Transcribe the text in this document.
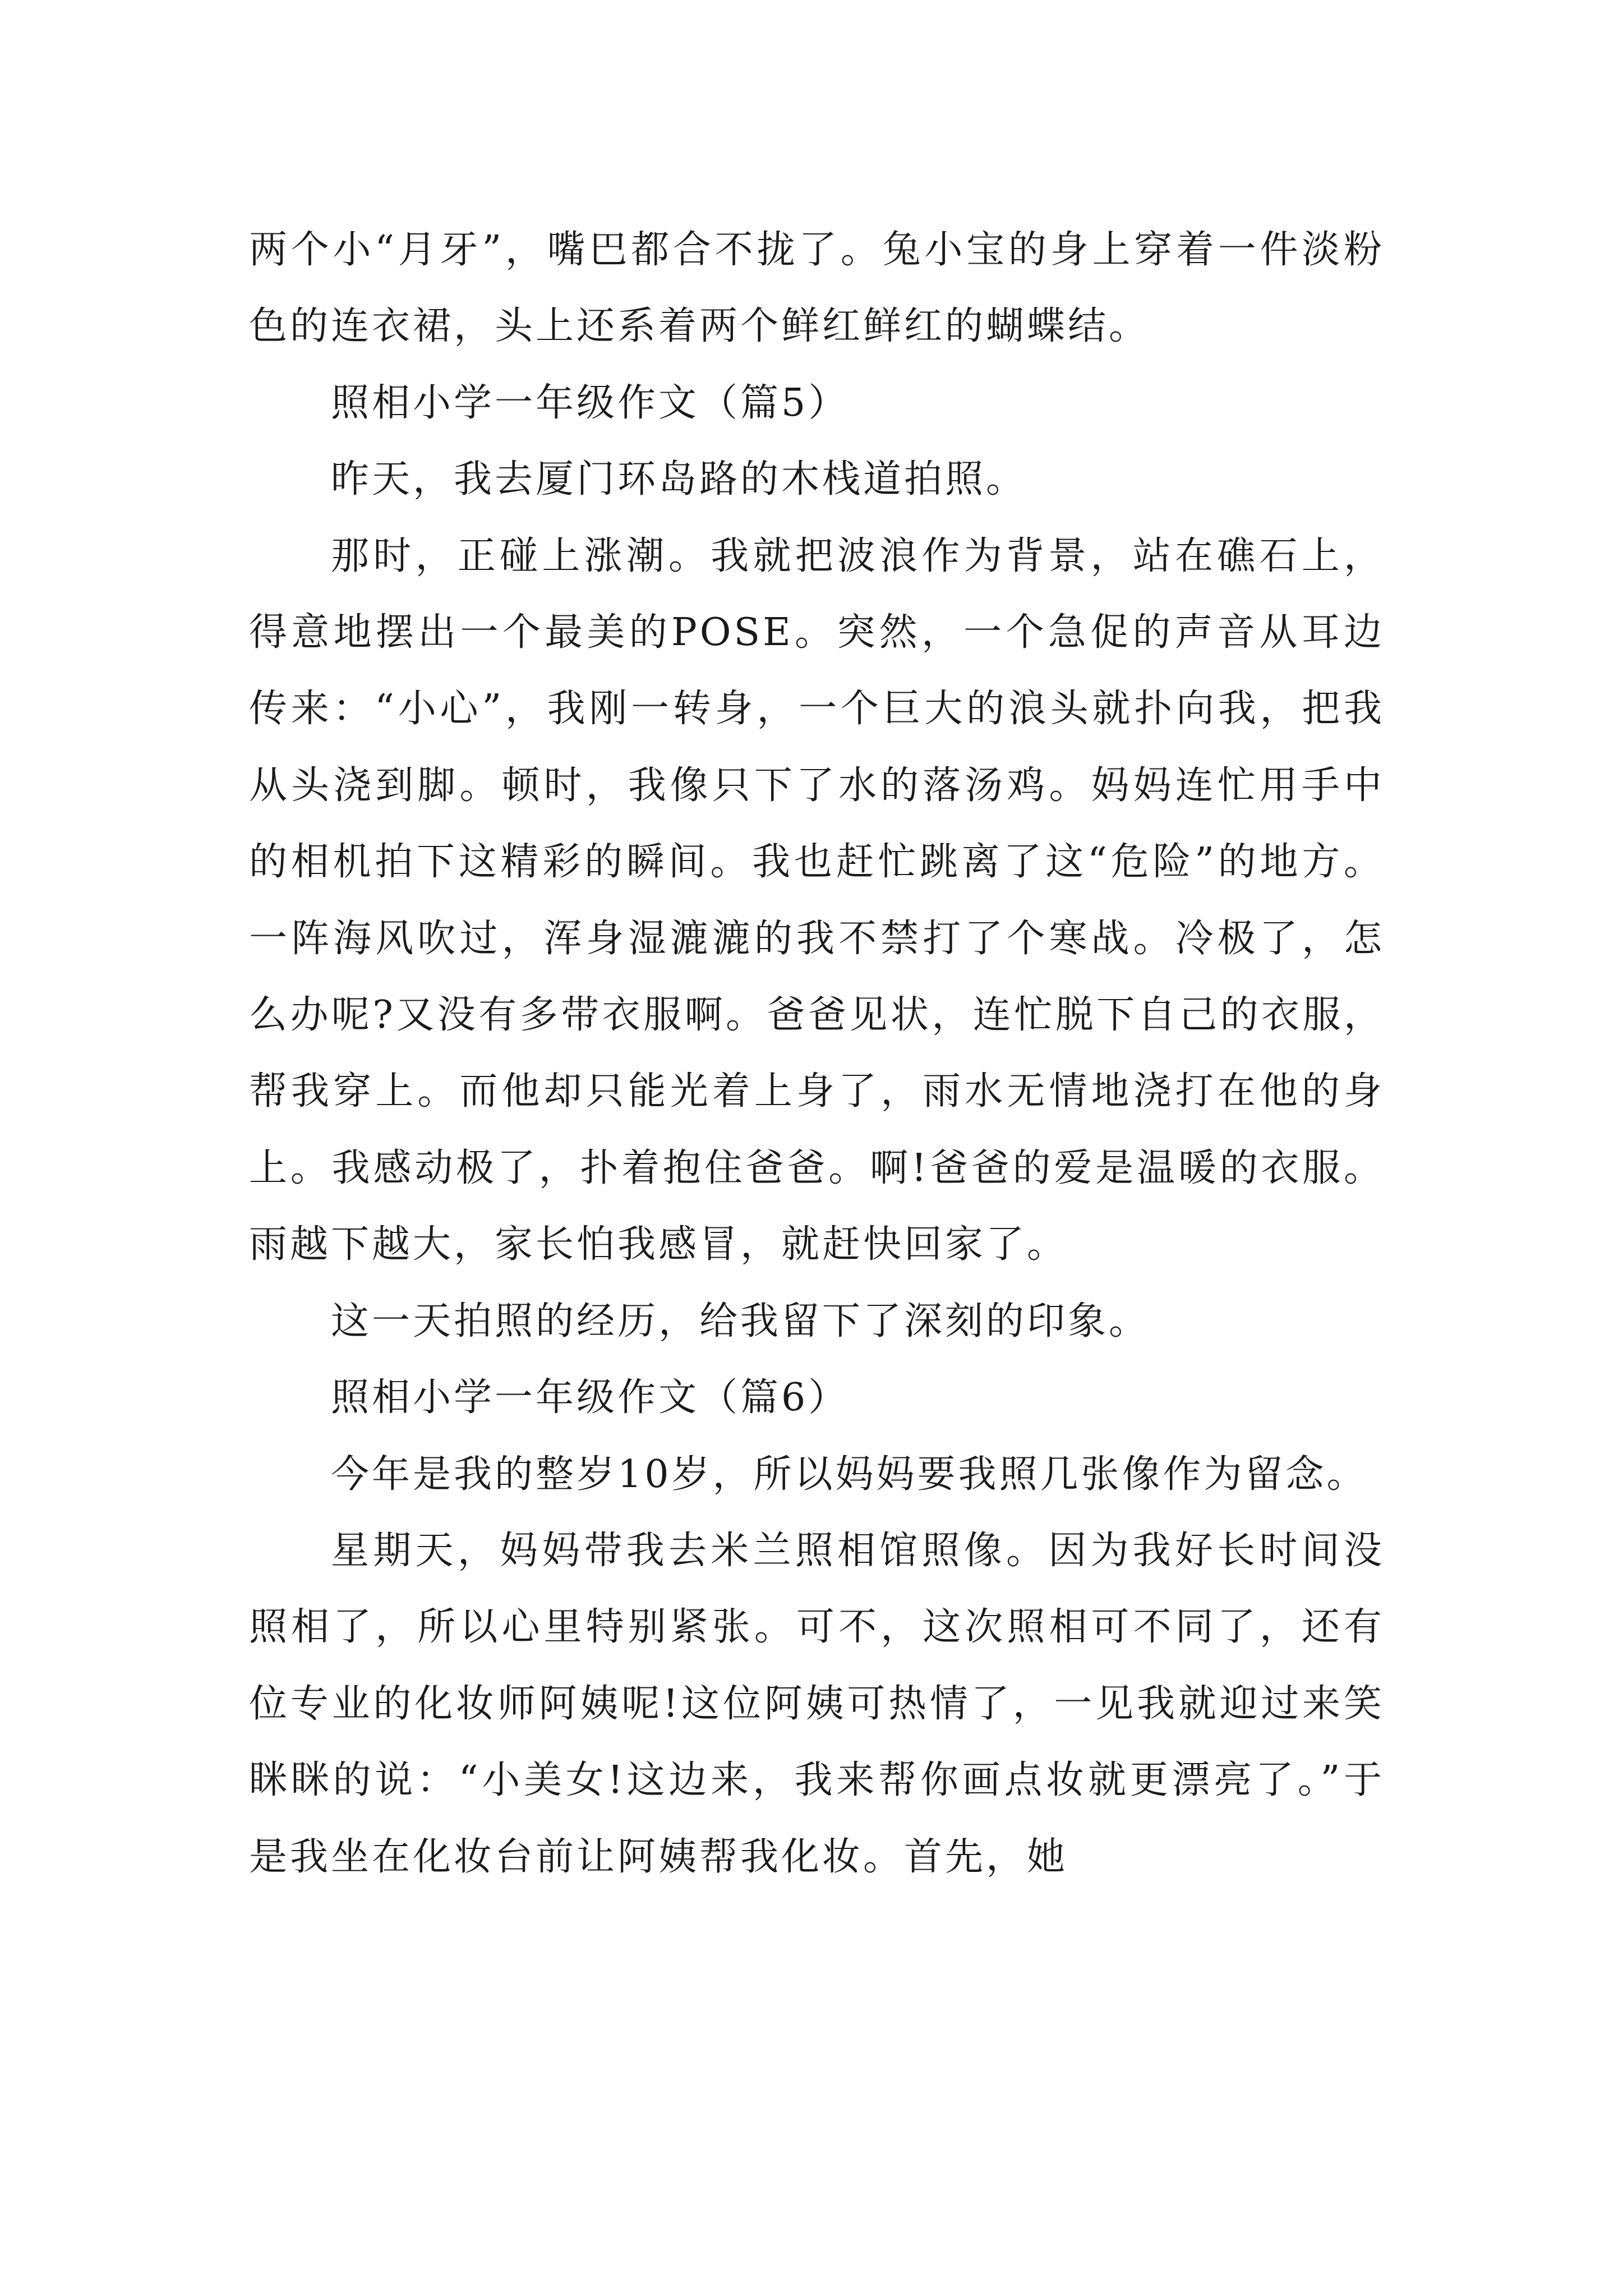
两个小“月牙”，嘴巴都合不拢了。兔小宝的身上穿着一件淡粉色的连衣裙，头上还系着两个鲜红鲜红的蝴蝶结。

照相小学一年级作文（篇5）

昨天，我去厦门环岛路的木栈道拍照。

那时，正碰上涨潮。我就把波浪作为背景，站在礁石上，得意地摆出一个最美的POSE。突然，一个急促的声音从耳边传来：“小心”，我刚一转身，一个巨大的浪头就扑向我，把我从头浇到脚。顿时，我像只下了水的落汤鸡。妈妈连忙用手中的相机拍下这精彩的瞬间。我也赶忙跳离了这“危险”的地方。一阵海风吹过，浑身湿漉漉的我不禁打了个寒战。冷极了，怎么办呢?又没有多带衣服啊。爸爸见状，连忙脱下自己的衣服，帮我穿上。而他却只能光着上身了，雨水无情地浇打在他的身上。我感动极了，扑着抱住爸爸。啊!爸爸的爱是温暖的衣服。雨越下越大，家长怕我感冒，就赶快回家了。

这一天拍照的经历，给我留下了深刻的印象。

照相小学一年级作文（篇6）

今年是我的整岁10岁，所以妈妈要我照几张像作为留念。

星期天，妈妈带我去米兰照相馆照像。因为我好长时间没照相了，所以心里特别紧张。可不，这次照相可不同了，还有位专业的化妆师阿姨呢!这位阿姨可热情了，一见我就迎过来笑眯眯的说：“小美女!这边来，我来帮你画点妆就更漂亮了。”于是我坐在化妆台前让阿姨帮我化妆。首先，她
